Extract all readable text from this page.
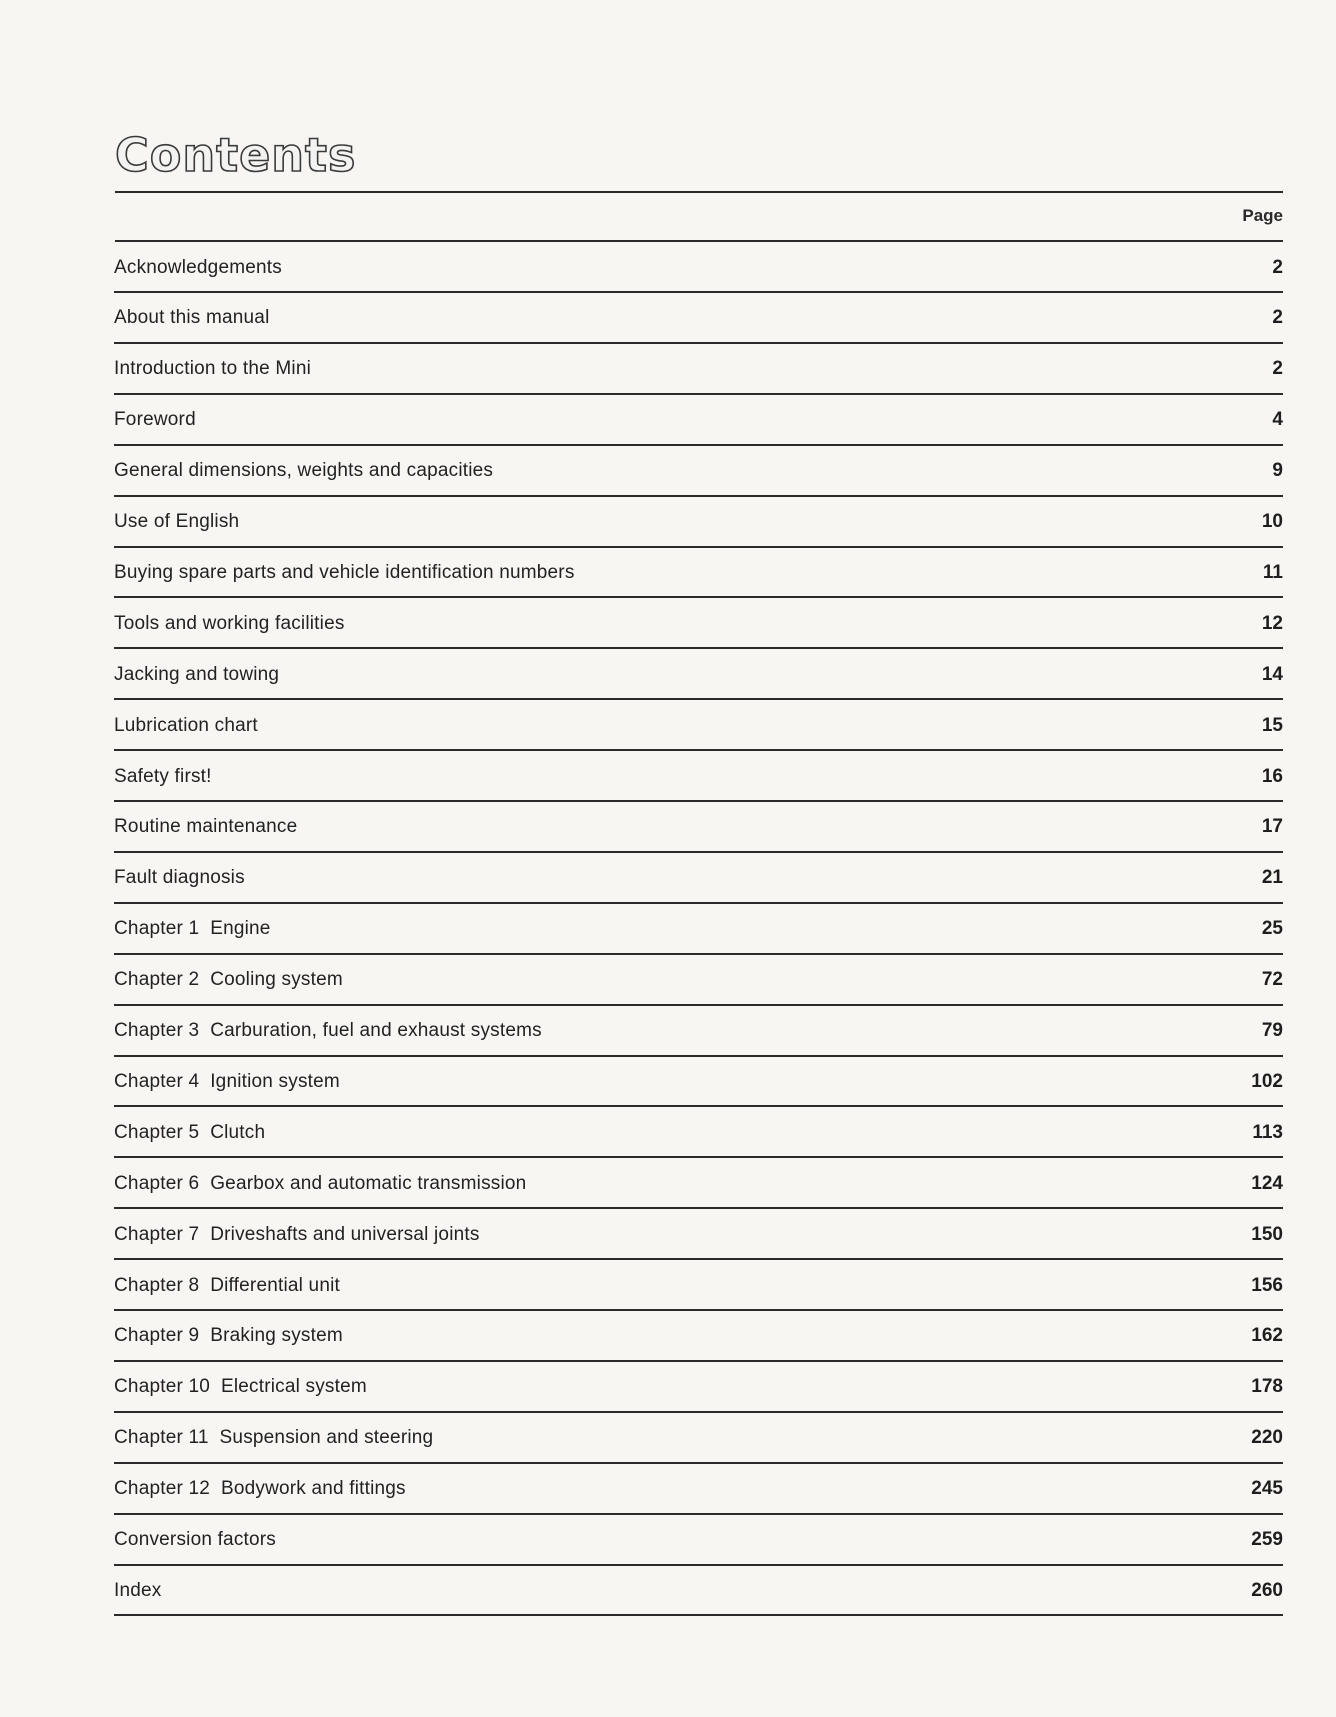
Contents
Page
Acknowledgements	2
About this manual	2
Introduction to the Mini	2
Foreword	4
General dimensions, weights and capacities	9
Use of English	10
Buying spare parts and vehicle identification numbers	11
Tools and working facilities	12
Jacking and towing	14
Lubrication chart	15
Safety first!	16
Routine maintenance	17
Fault diagnosis	21
Chapter 1  Engine	25
Chapter 2  Cooling system	72
Chapter 3  Carburation, fuel and exhaust systems	79
Chapter 4  Ignition system	102
Chapter 5  Clutch	113
Chapter 6  Gearbox and automatic transmission	124
Chapter 7  Driveshafts and universal joints	150
Chapter 8  Differential unit	156
Chapter 9  Braking system	162
Chapter 10  Electrical system	178
Chapter 11  Suspension and steering	220
Chapter 12  Bodywork and fittings	245
Conversion factors	259
Index	260
